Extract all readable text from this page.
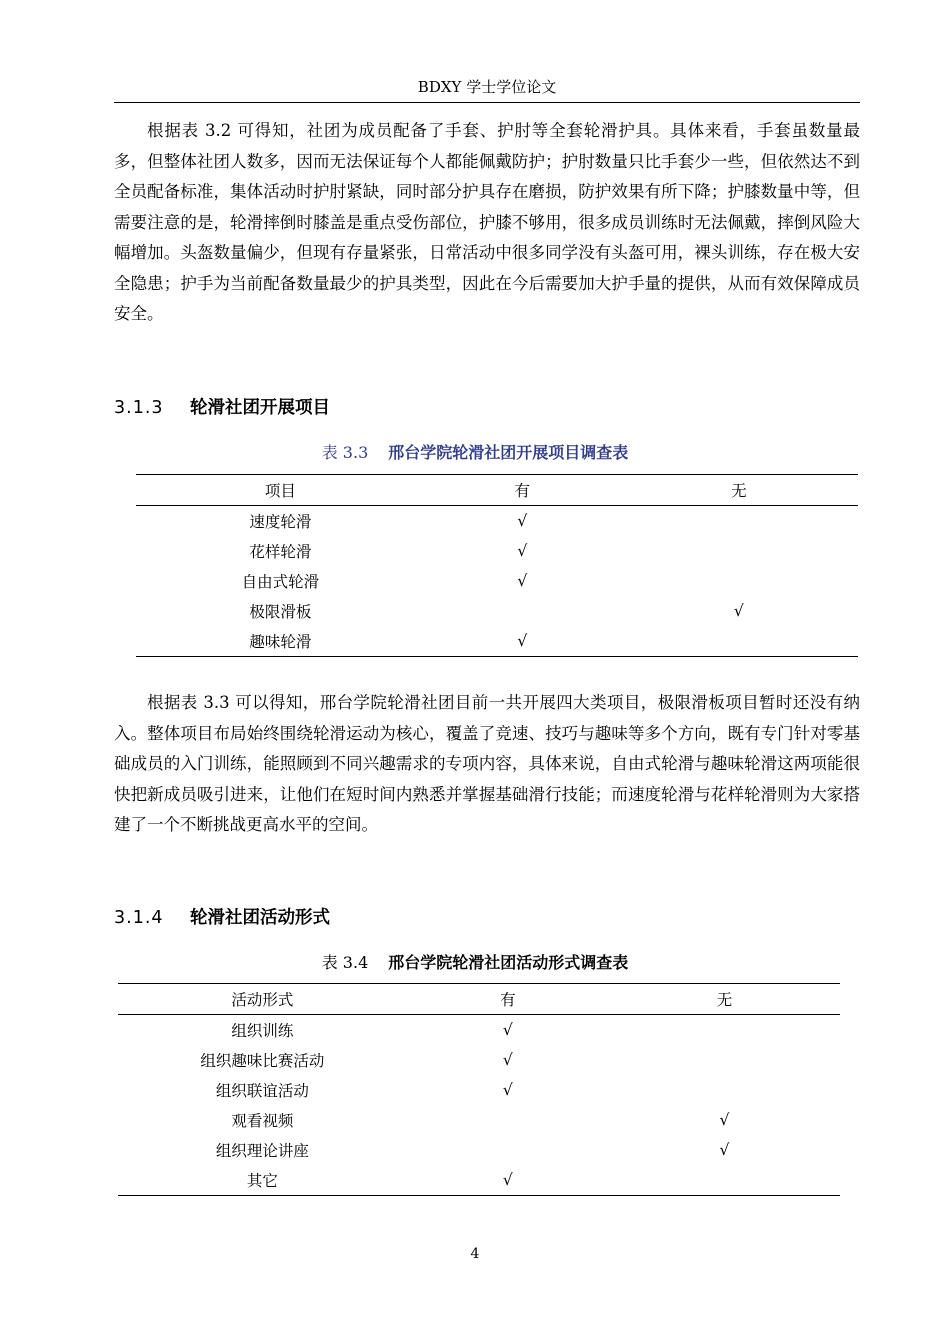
BDXY 学士学位论文

根据表 3.2 可得知，社团为成员配备了手套、护肘等全套轮滑护具。具体来看，手套虽数量最多，但整体社团人数多，因而无法保证每个人都能佩戴防护；护肘数量只比手套少一些，但依然达不到全员配备标准，集体活动时护肘紧缺，同时部分护具存在磨损，防护效果有所下降；护膝数量中等，但需要注意的是，轮滑摔倒时膝盖是重点受伤部位，护膝不够用，很多成员训练时无法佩戴，摔倒风险大幅增加。头盔数量偏少，但现有存量紧张，日常活动中很多同学没有头盔可用，裸头训练，存在极大安全隐患；护手为当前配备数量最少的护具类型，因此在今后需要加大护手量的提供，从而有效保障成员安全。

3.1.3 轮滑社团开展项目
表 3.3 邢台学院轮滑社团开展项目调查表
项目	有	无
速度轮滑	√	
花样轮滑	√	
自由式轮滑	√	
极限滑板		√
趣味轮滑	√	

根据表 3.3 可以得知，邢台学院轮滑社团目前一共开展四大类项目，极限滑板项目暂时还没有纳入。整体项目布局始终围绕轮滑运动为核心，覆盖了竞速、技巧与趣味等多个方向，既有专门针对零基础成员的入门训练，能照顾到不同兴趣需求的专项内容，具体来说，自由式轮滑与趣味轮滑这两项能很快把新成员吸引进来，让他们在短时间内熟悉并掌握基础滑行技能；而速度轮滑与花样轮滑则为大家搭建了一个不断挑战更高水平的空间。

3.1.4 轮滑社团活动形式
表 3.4 邢台学院轮滑社团活动形式调查表
活动形式	有	无
组织训练	√	
组织趣味比赛活动	√	
组织联谊活动	√	
观看视频		√
组织理论讲座		√
其它	√	
4
